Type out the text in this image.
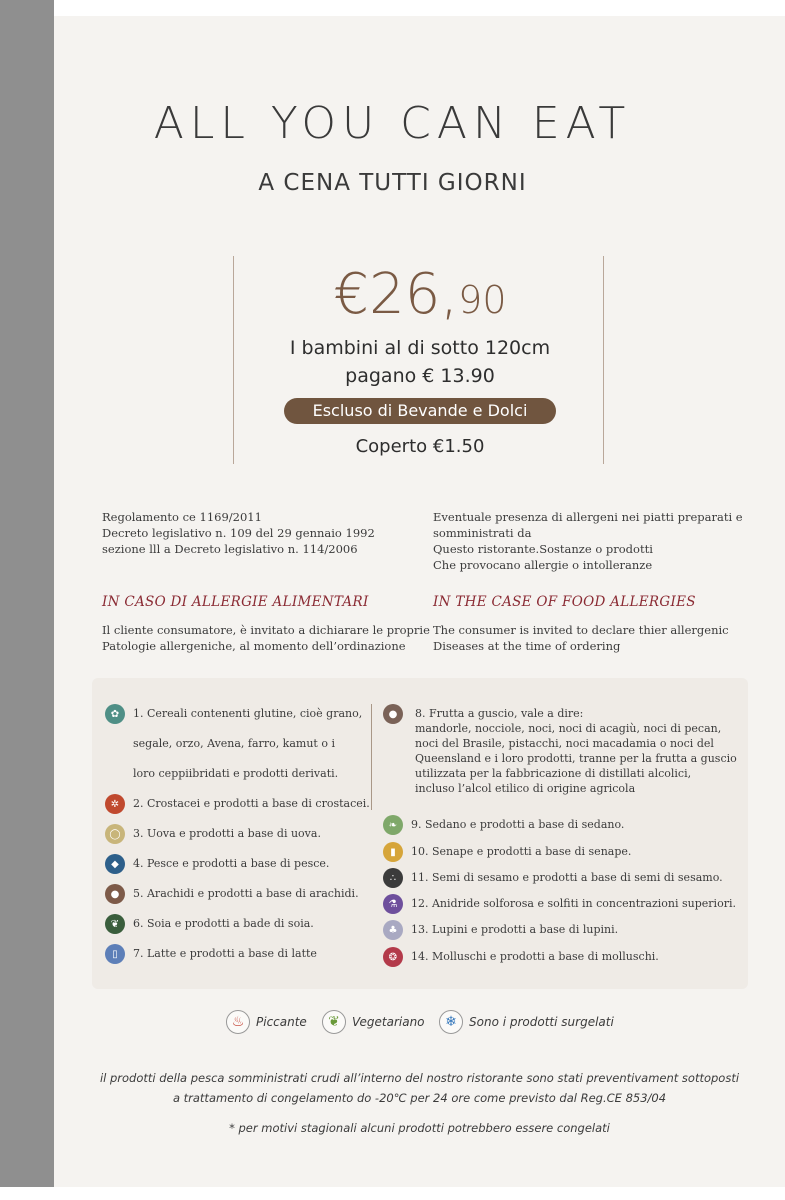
ALL YOU CAN EAT
A CENA TUTTI GIORNI
€26,90
I bambini al di sotto 120cm
pagano € 13.90
Escluso di Bevande e Dolci
Coperto €1.50
Regolamento ce 1169/2011
Decreto legislativo n. 109 del 29 gennaio 1992
sezione lll a Decreto legislativo n. 114/2006
Eventuale presenza di allergeni nei piatti preparati e
somministrati da
Questo ristorante.Sostanze o prodotti
Che provocano allergie o intolleranze
IN CASO DI ALLERGIE ALIMENTARI	IN THE CASE OF FOOD ALLERGIES
Il cliente consumatore, è invitato a dichiarare le proprie
Patologie allergeniche, al momento dell’ordinazione
The consumer is invited to declare thier allergenic
Diseases at the time of ordering
✿	1. Cereali contenenti glutine, cioè grano,
segale, orzo, Avena, farro, kamut o i
loro ceppiibridati e prodotti derivati.
✲	2. Crostacei e prodotti a base di crostacei.
◯	3. Uova e prodotti a base di uova.
◆	4. Pesce e prodotti a base di pesce.
●	5. Arachidi e prodotti a base di arachidi.
❦	6. Soia e prodotti a bade di soia.
▯	7. Latte e prodotti a base di latte
●	8. Frutta a guscio, vale a dire:
mandorle, nocciole, noci, noci di acagiù, noci di pecan,
noci del Brasile, pistacchi, noci macadamia o noci del
Queensland e i loro prodotti, tranne per la frutta a guscio
utilizzata per la fabbricazione di distillati alcolici,
incluso l’alcol etilico di origine agricola
❧	9. Sedano e prodotti a base di sedano.
▮	10. Senape e prodotti a base di senape.
∴	11. Semi di sesamo e prodotti a base di semi di sesamo.
⚗	12. Anidride solforosa e solfiti in concentrazioni superiori.
♣	13. Lupini e prodotti a base di lupini.
❂	14. Molluschi e prodotti a base di molluschi.
♨ Piccante	❦	Vegetariano	❄	Sono i prodotti surgelati
il prodotti della pesca somministrati crudi all’interno del nostro ristorante sono stati preventivament sottoposti
a trattamento di congelamento do -20℃ per 24 ore come previsto dal Reg.CE 853/04
* per motivi stagionali alcuni prodotti potrebbero essere congelati
